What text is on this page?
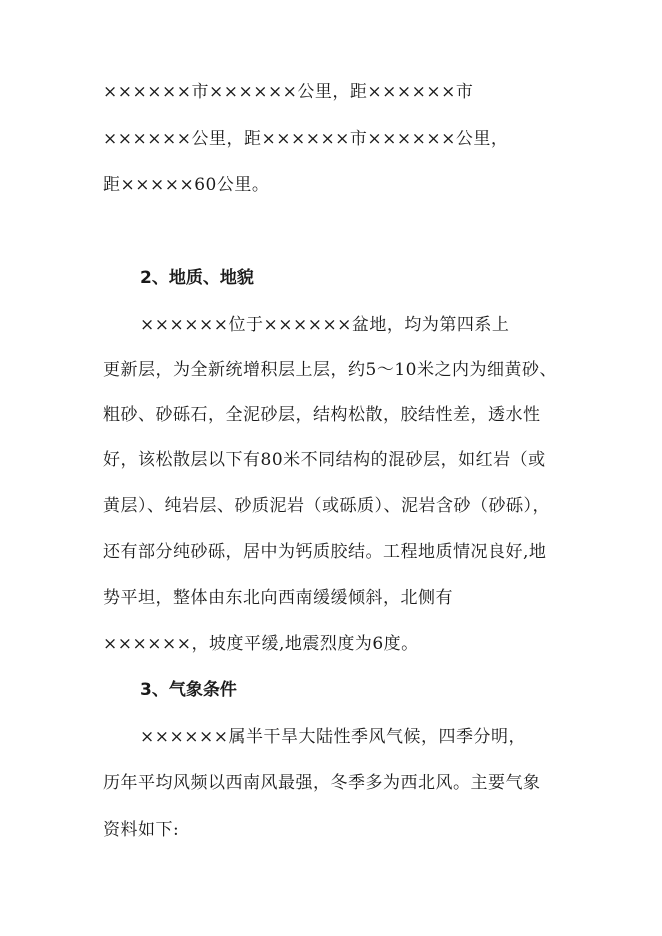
××××××市××××××公里，距××××××市
××××××公里，距××××××市××××××公里，
距×××××60公里。
2、地质、地貌
××××××位于××××××盆地，均为第四系上
更新层，为全新统增积层上层，约5～10米之内为细黄砂、
粗砂、砂砾石，全泥砂层，结构松散，胶结性差，透水性
好，该松散层以下有80米不同结构的混砂层，如红岩（或
黄层）、纯岩层、砂质泥岩（或砾质）、泥岩含砂（砂砾），
还有部分纯砂砾，居中为钙质胶结。工程地质情况良好,地
势平坦，整体由东北向西南缓缓倾斜，北侧有
××××××，坡度平缓,地震烈度为6度。
3、气象条件
××××××属半干旱大陆性季风气候，四季分明，
历年平均风频以西南风最强，冬季多为西北风。主要气象
资料如下:
